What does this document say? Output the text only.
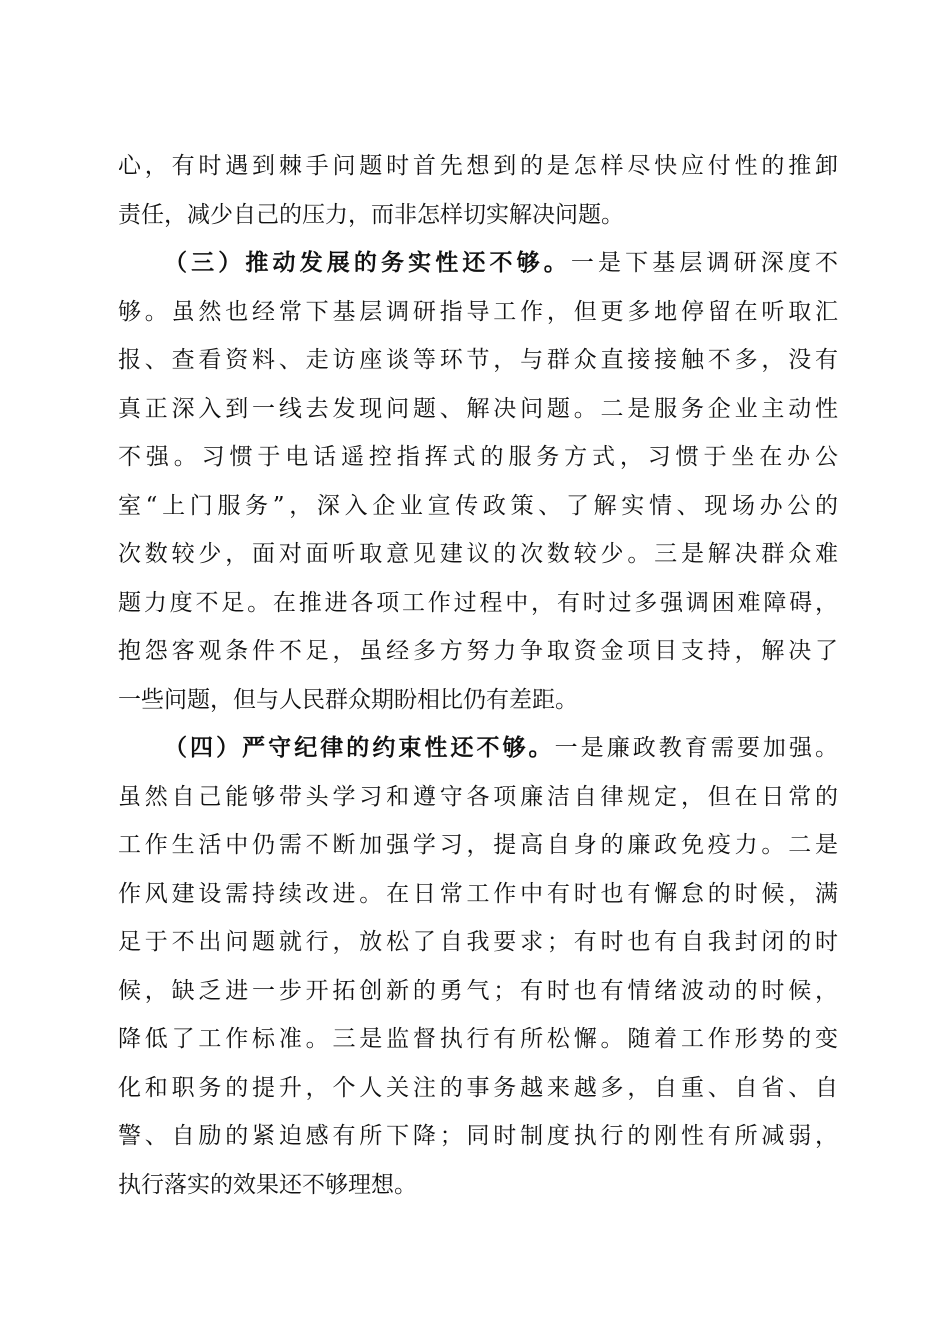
心，有时遇到棘手问题时首先想到的是怎样尽快应付性的推卸
责任，减少自己的压力，而非怎样切实解决问题。
（三）推动发展的务实性还不够。一是下基层调研深度不
够。虽然也经常下基层调研指导工作，但更多地停留在听取汇
报、查看资料、走访座谈等环节，与群众直接接触不多，没有
真正深入到一线去发现问题、解决问题。二是服务企业主动性
不强。习惯于电话遥控指挥式的服务方式，习惯于坐在办公
室“上门服务”，深入企业宣传政策、了解实情、现场办公的
次数较少，面对面听取意见建议的次数较少。三是解决群众难
题力度不足。在推进各项工作过程中，有时过多强调困难障碍，
抱怨客观条件不足，虽经多方努力争取资金项目支持，解决了
一些问题，但与人民群众期盼相比仍有差距。
（四）严守纪律的约束性还不够。一是廉政教育需要加强。
虽然自己能够带头学习和遵守各项廉洁自律规定，但在日常的
工作生活中仍需不断加强学习，提高自身的廉政免疫力。二是
作风建设需持续改进。在日常工作中有时也有懈怠的时候，满
足于不出问题就行，放松了自我要求；有时也有自我封闭的时
候，缺乏进一步开拓创新的勇气；有时也有情绪波动的时候，
降低了工作标准。三是监督执行有所松懈。随着工作形势的变
化和职务的提升，个人关注的事务越来越多，自重、自省、自
警、自励的紧迫感有所下降；同时制度执行的刚性有所减弱，
执行落实的效果还不够理想。
